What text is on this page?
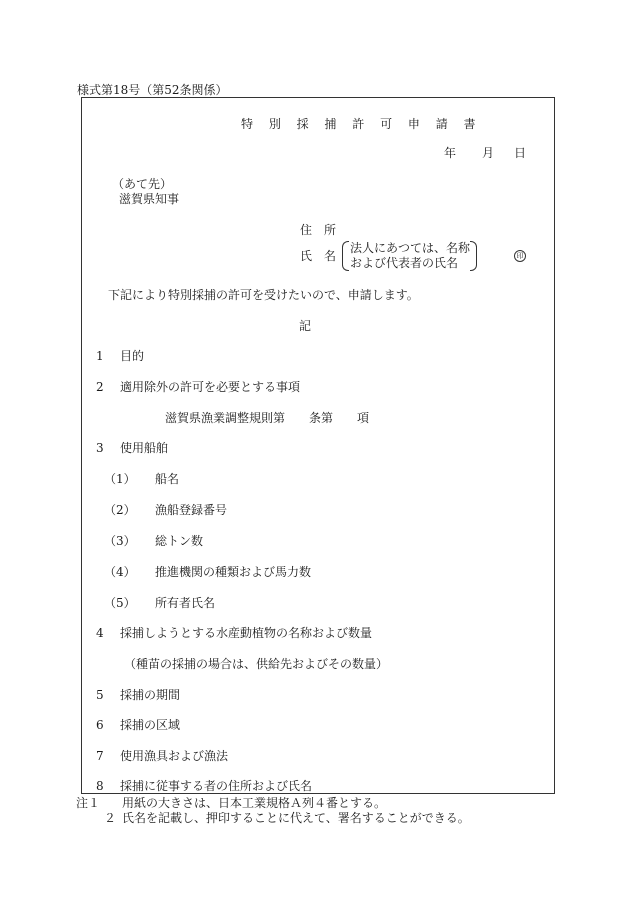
様式第18号（第52条関係）
特 別 採 捕 許 可 申 請 書
年 月 日
（あて先）
滋賀県知事
住　所
氏　名
法人にあつては、名称
および代表者の氏名	印
下記により特別採捕の許可を受けたいので、申請します。
記
1 目的
2 適用除外の許可を必要とする事項
滋賀県漁業調整規則第　　条第　　項
3 使用船舶
（1） 船名
（2） 漁船登録番号
（3） 総トン数
（4） 推進機関の種類および馬力数
（5） 所有者氏名
4 採捕しようとする水産動植物の名称および数量
（種苗の採捕の場合は、供給先およびその数量）
5 採捕の期間
6 採捕の区域
7 使用漁具および漁法
8 採捕に従事する者の住所および氏名
注１ 用紙の大きさは、日本工業規格Ａ列４番とする。
２ 氏名を記載し、押印することに代えて、署名することができる。
